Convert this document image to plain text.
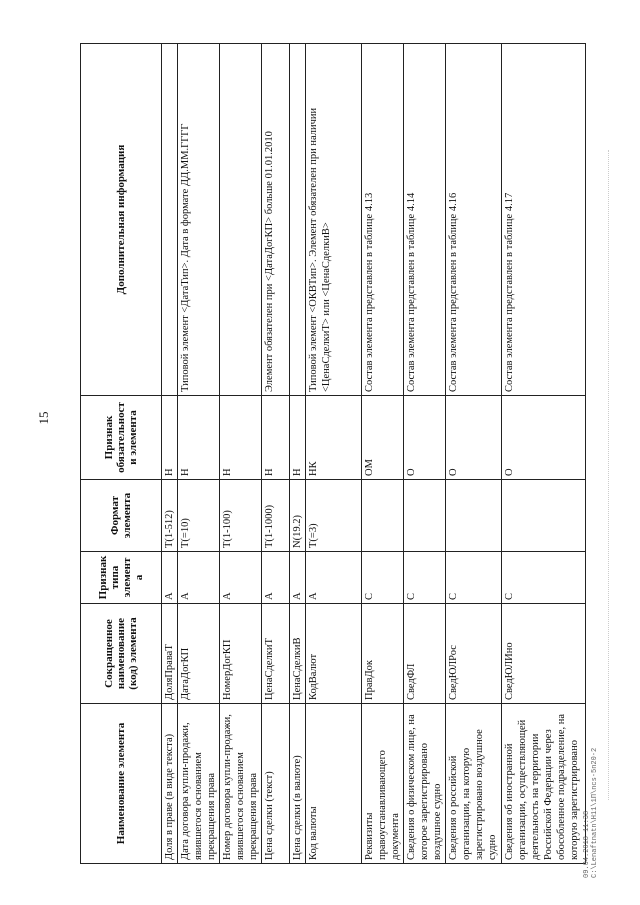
15
Наименование элемента	Сокращенное наименование (код) элемента	Признак типа элемента	Формат элемента	Признак обязательности элемента	Дополнительная информация
Доля в праве (в виде текста)	ДоляПраваТ	А	T(1-512)	Н	
Дата договора купли-продажи, явившегося основанием прекращения права	ДатаДогКП	А	T(=10)	Н	Типовой элемент <ДатаТип>. Дата в формате ДД.ММ.ГГГГ
Номер договора купли-продажи, явившегося основанием прекращения права	НомерДогКП	А	T(1-100)	Н	
Цена сделки (текст)	ЦенаСделкиТ	А	T(1-1000)	Н	Элемент обязателен при <ДатаДогКП> больше 01.01.2010
Цена сделки (в валюте)	ЦенаСделкиВ	А	N(19.2)	Н	
Код валюты	КодВалют	А	T(=3)	НК	Типовой элемент <ОКВТип>. Элемент обязателен при наличии <ЦенаСделкиТ> или <ЦенаСделкиВ>
Реквизиты правоустанавливающего документа	ПравДок	С		ОМ	Состав элемента представлен в таблице 4.13
Сведения о физическом лице, на которое зарегистрировано воздушное судно	СведФЛ	С		О	Состав элемента представлен в таблице 4.14
Сведения о российской организации, на которую зарегистрировано воздушное судно	СведЮЛРос	С		О	Состав элемента представлен в таблице 4.16
Сведения об иностранной организации, осуществляющей деятельность на территории Российской Федерации через обособленное подразделение, на которую зарегистрировано	СведЮЛИно	С		О	Состав элемента представлен в таблице 4.17
09.04.2018 11:38 C:\Lenaftnatn\H11\1П\ncs-5n20-2
